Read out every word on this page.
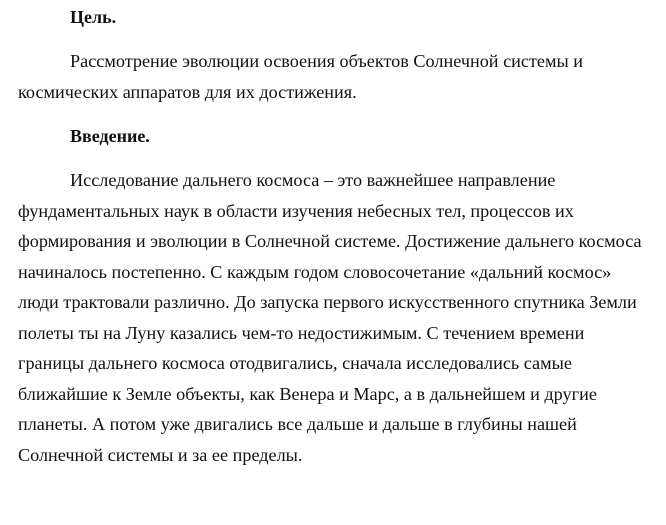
Цель.

Рассмотрение эволюции освоения объектов Солнечной системы и
космических аппаратов для их достижения.

Введение.

Исследование дальнего космоса – это важнейшее направление
фундаментальных наук в области изучения небесных тел, процессов их
формирования и эволюции в Солнечной системе. Достижение дальнего космоса
начиналось постепенно. С каждым годом словосочетание «дальний космос»
люди трактовали различно. До запуска первого искусственного спутника Земли
полеты ты на Луну казались чем-то недостижимым. С течением времени
границы дальнего космоса отодвигались, сначала исследовались самые
ближайшие к Земле объекты, как Венера и Марс, а в дальнейшем и другие
планеты. А потом уже двигались все дальше и дальше в глубины нашей
Солнечной системы и за ее пределы.
